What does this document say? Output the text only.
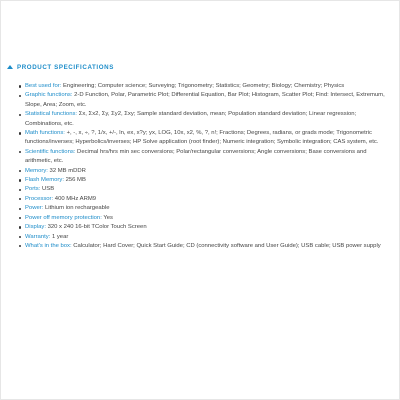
PRODUCT SPECIFICATIONS
Best used for: Engineering; Computer science; Surveying; Trigonometry; Statistics; Geometry; Biology; Chemistry; Physics
Graphic functions: 2-D Function, Polar, Parametric Plot; Differential Equation, Bar Plot; Histogram, Scatter Plot; Find: Intersect, Extremum, Slope, Area; Zoom, etc.
Statistical functions: Σx, Σx2, Σy, Σy2, Σxy; Sample standard deviation, mean; Population standard deviation; Linear regression; Combinations, etc.
Math functions: +, -, x, ÷, ?, 1/x, +/-, ln, ex, x?y; yx, LOG, 10x, x2, %, ?, n!; Fractions; Degrees, radians, or grads mode; Trigonometric functions/inverses; Hyperbolics/inverses; HP Solve application (root finder); Numeric integration; Symbolic integration; CAS system, etc.
Scientific functions: Decimal hrs/hrs min sec conversions; Polar/rectangular conversions; Angle conversions; Base conversions and arithmetic, etc.
Memory: 32 MB mDDR
Flash Memory: 256 MB
Ports: USB
Processor: 400 MHz ARM9
Power: Lithium ion rechargeable
Power off memory protection: Yes
Display: 320 x 240 16-bit TColor Touch Screen
Warranty: 1 year
What's in the box: Calculator; Hard Cover; Quick Start Guide; CD (connectivity software and User Guide); USB cable; USB power supply
